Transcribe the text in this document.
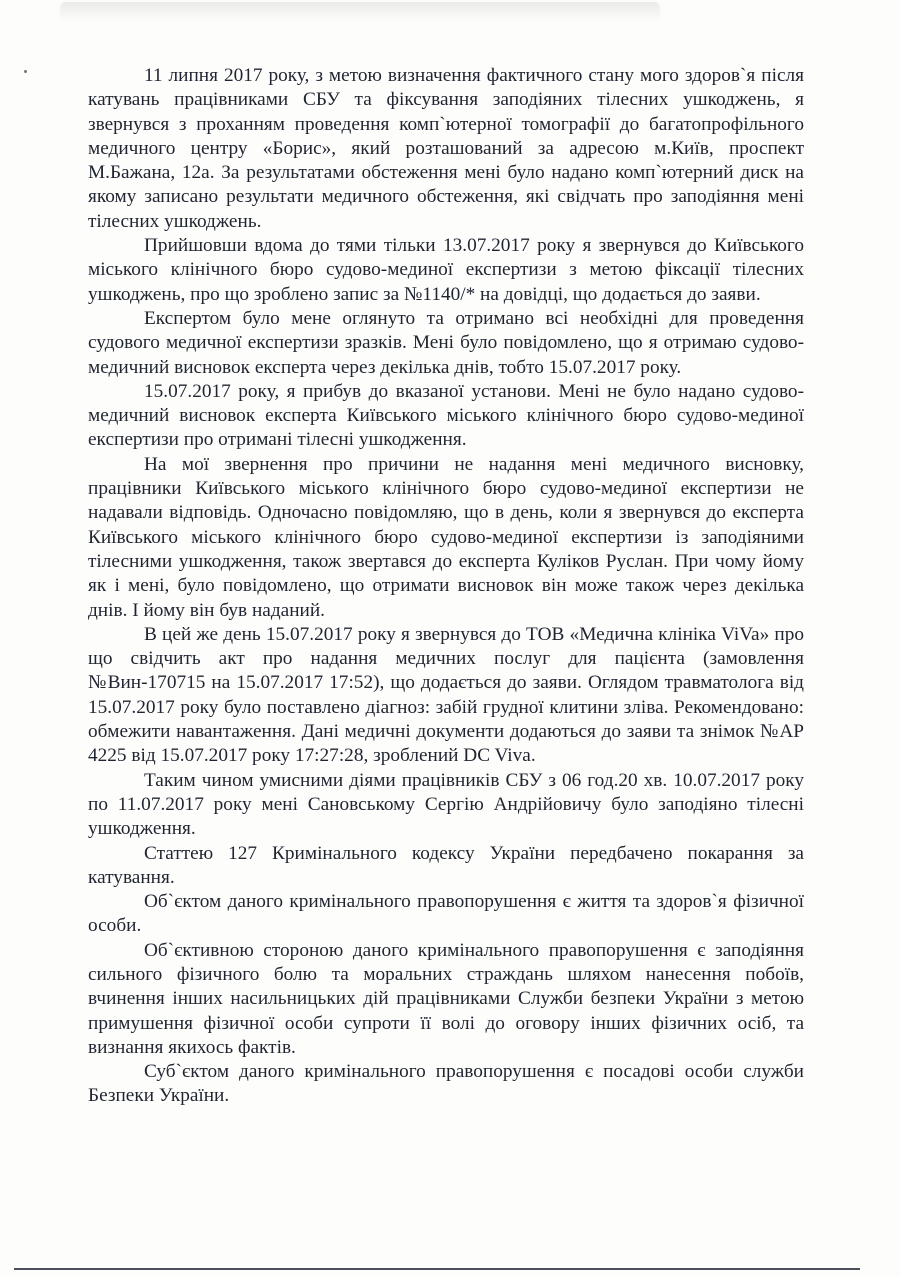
11 липня 2017 року, з метою визначення фактичного стану мого здоров`я після катувань працівниками СБУ та фіксування заподіяних тілесних ушкоджень, я звернувся з проханням проведення комп`ютерної томографії до багатопрофільного медичного центру «Борис», який розташований за адресою м.Київ, проспект М.Бажана, 12а. За результатами обстеження мені було надано комп`ютерний диск на якому записано результати медичного обстеження, які свідчать про заподіяння мені тілесних ушкоджень.

Прийшовши вдома до тями тільки 13.07.2017 року я звернувся до Київського міського клінічного бюро судово-мединої експертизи з метою фіксації тілесних ушкоджень, про що зроблено запис за №1140/* на довідці, що додається до заяви.

Експертом було мене оглянуто та отримано всі необхідні для проведення судового медичної експертизи зразків. Мені було повідомлено, що я отримаю судово-медичний висновок експерта через декілька днів, тобто 15.07.2017 року.

15.07.2017 року, я прибув до вказаної установи. Мені не було надано судово-медичний висновок експерта Київського міського клінічного бюро судово-мединої експертизи про отримані тілесні ушкодження.

На мої звернення про причини не надання мені медичного висновку, працівники Київського міського клінічного бюро судово-мединої експертизи не надавали відповідь. Одночасно повідомляю, що в день, коли я звернувся до експерта Київського міського клінічного бюро судово-мединої експертизи із заподіяними тілесними ушкодження, також звертався до експерта Куліков Руслан. При чому йому як і мені, було повідомлено, що отримати висновок він може також через декілька днів. І йому він був наданий.

В цей же день 15.07.2017 року я звернувся до ТОВ «Медична клініка ViVa» про що свідчить акт про надання медичних послуг для пацієнта (замовлення №Вин-170715 на 15.07.2017 17:52), що додається до заяви. Оглядом травматолога від 15.07.2017 року було поставлено діагноз: забій грудної клитини зліва. Рекомендовано: обмежити навантаження. Дані медичні документи додаються до заяви та знімок №АР 4225 від 15.07.2017 року 17:27:28, зроблений DC Viva.

Таким чином умисними діями працівників СБУ з 06 год.20 хв. 10.07.2017 року по 11.07.2017 року мені Сановському Сергію Андрійовичу було заподіяно тілесні ушкодження.

Статтею 127 Кримінального кодексу України передбачено покарання за катування.

Об`єктом даного кримінального правопорушення є життя та здоров`я фізичної особи.

Об`єктивною стороною даного кримінального правопорушення є заподіяння сильного фізичного болю та моральних страждань шляхом нанесення побоїв, вчинення інших насильницьких дій працівниками Служби безпеки України з метою примушення фізичної особи супроти її волі до оговору інших фізичних осіб, та визнання якихось фактів.

Суб`єктом даного кримінального правопорушення є посадові особи служби Безпеки України.
